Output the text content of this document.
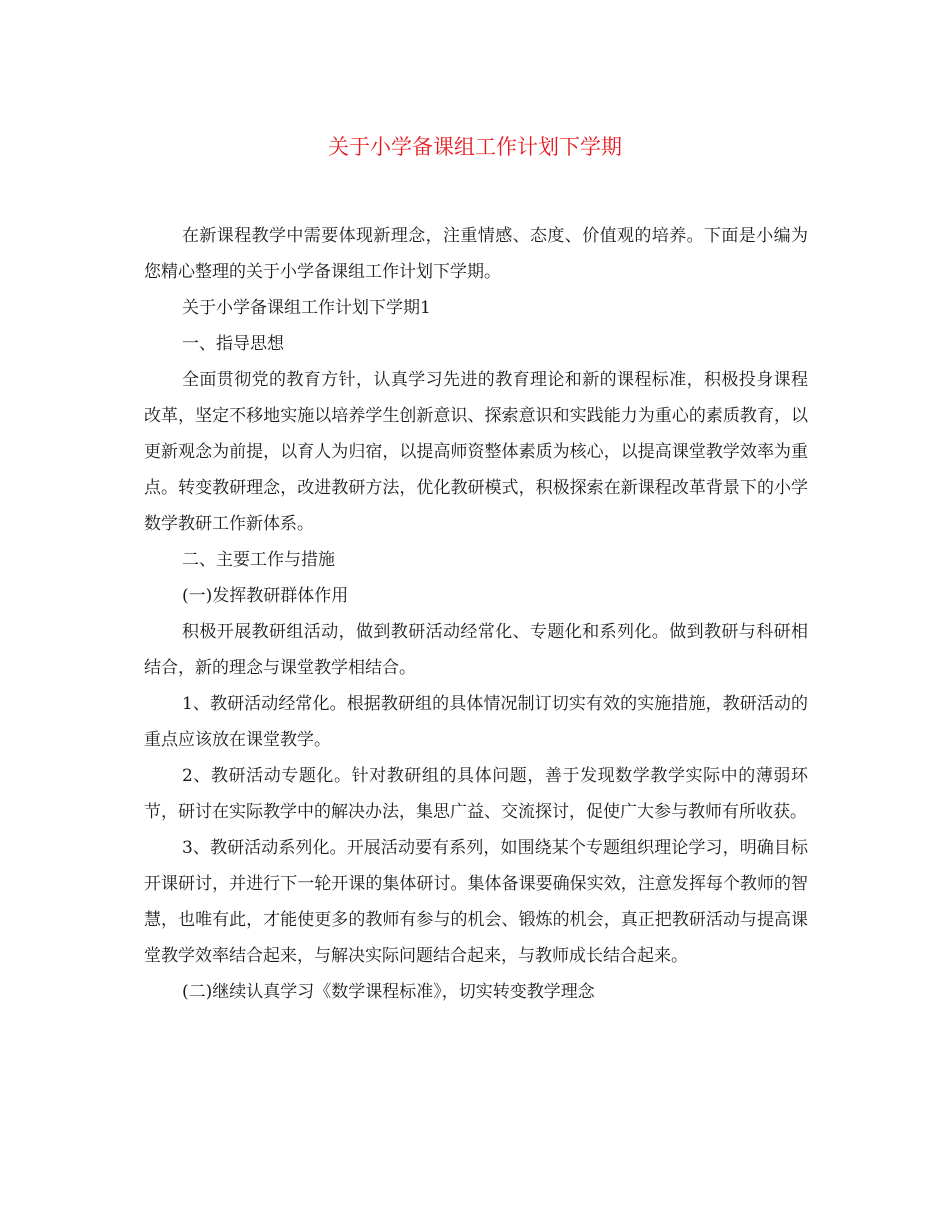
关于小学备课组工作计划下学期

在新课程教学中需要体现新理念，注重情感、态度、价值观的培养。下面是小编为您精心整理的关于小学备课组工作计划下学期。

关于小学备课组工作计划下学期1

一、指导思想

全面贯彻党的教育方针，认真学习先进的教育理论和新的课程标准，积极投身课程改革，坚定不移地实施以培养学生创新意识、探索意识和实践能力为重心的素质教育，以更新观念为前提，以育人为归宿，以提高师资整体素质为核心，以提高课堂教学效率为重点。转变教研理念，改进教研方法，优化教研模式，积极探索在新课程改革背景下的小学数学教研工作新体系。

二、主要工作与措施

(一)发挥教研群体作用

积极开展教研组活动，做到教研活动经常化、专题化和系列化。做到教研与科研相结合，新的理念与课堂教学相结合。

1、教研活动经常化。根据教研组的具体情况制订切实有效的实施措施，教研活动的重点应该放在课堂教学。

2、教研活动专题化。针对教研组的具体问题，善于发现数学教学实际中的薄弱环节，研讨在实际教学中的解决办法，集思广益、交流探讨，促使广大参与教师有所收获。

3、教研活动系列化。开展活动要有系列，如围绕某个专题组织理论学习，明确目标开课研讨，并进行下一轮开课的集体研讨。集体备课要确保实效，注意发挥每个教师的智慧，也唯有此，才能使更多的教师有参与的机会、锻炼的机会，真正把教研活动与提高课堂教学效率结合起来，与解决实际问题结合起来，与教师成长结合起来。

(二)继续认真学习《数学课程标准》，切实转变教学理念
